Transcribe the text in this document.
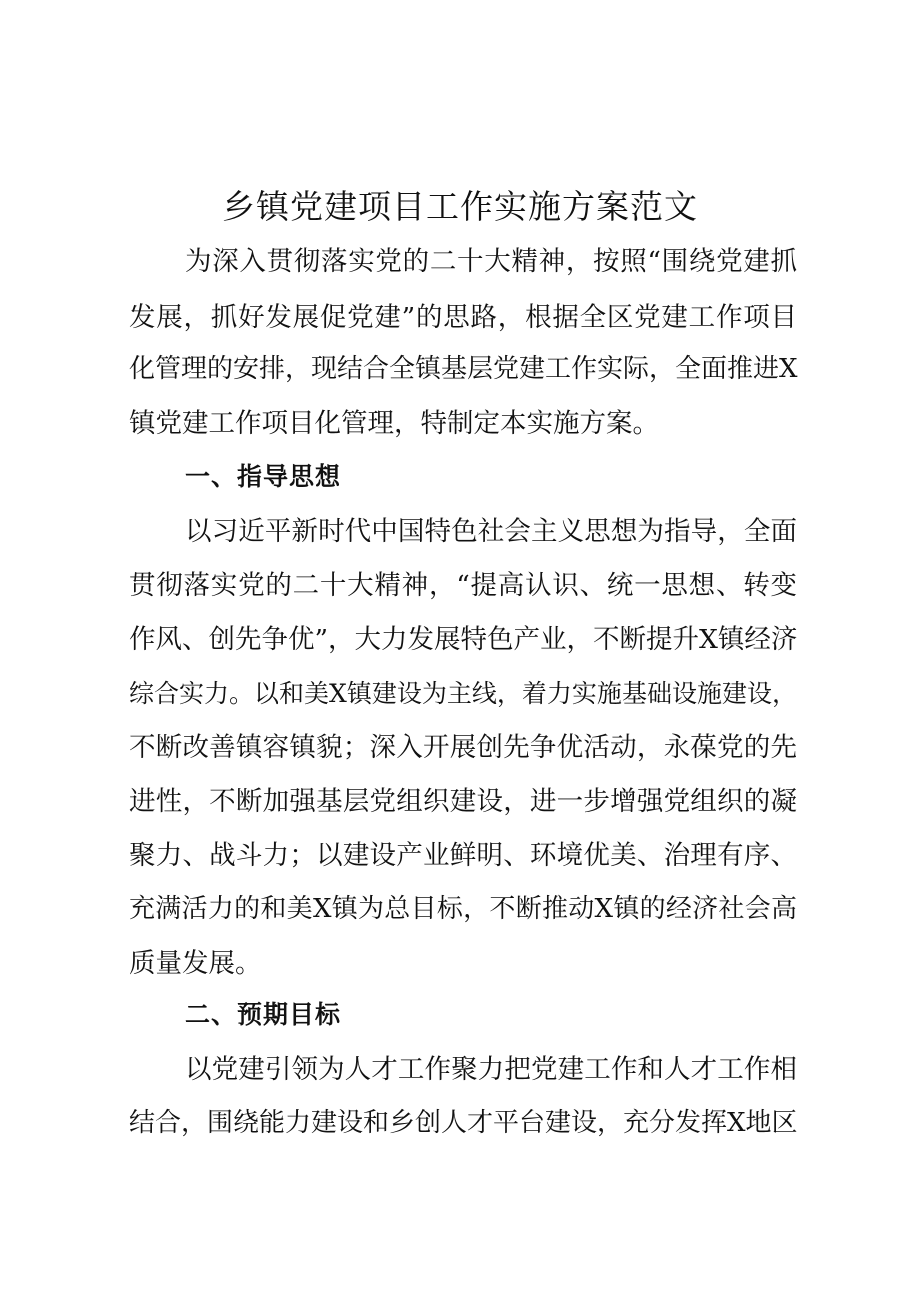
乡镇党建项目工作实施方案范文
为深入贯彻落实党的二十大精神，按照“围绕党建抓
发展，抓好发展促党建”的思路，根据全区党建工作项目
化管理的安排，现结合全镇基层党建工作实际，全面推进Ⅹ
镇党建工作项目化管理，特制定本实施方案。
一、指导思想
以习近平新时代中国特色社会主义思想为指导，全面
贯彻落实党的二十大精神，“提高认识、统一思想、转变
作风、创先争优”，大力发展特色产业，不断提升Ⅹ镇经济
综合实力。以和美Ⅹ镇建设为主线，着力实施基础设施建设，
不断改善镇容镇貌；深入开展创先争优活动，永葆党的先
进性，不断加强基层党组织建设，进一步增强党组织的凝
聚力、战斗力；以建设产业鲜明、环境优美、治理有序、
充满活力的和美Ⅹ镇为总目标，不断推动Ⅹ镇的经济社会高
质量发展。
二、预期目标
以党建引领为人才工作聚力把党建工作和人才工作相
结合，围绕能力建设和乡创人才平台建设，充分发挥Ⅹ地区
